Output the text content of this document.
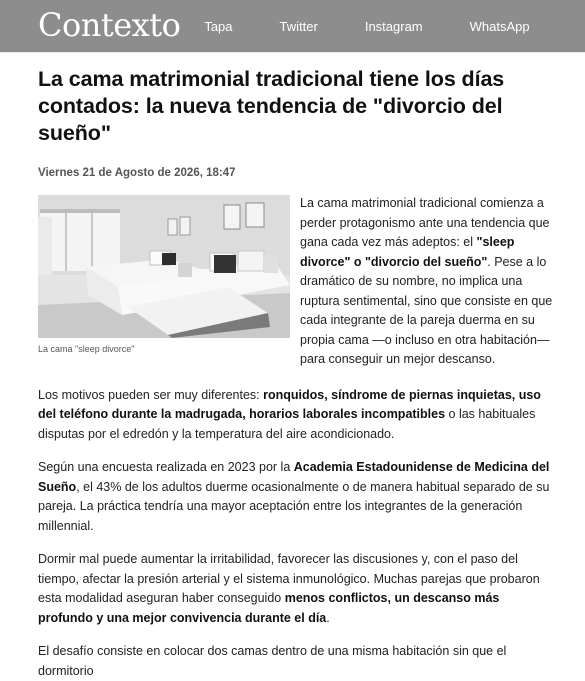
Contexto Tapa	Twitter	Instagram	WhatsApp
La cama matrimonial tradicional tiene los días contados: la nueva tendencia de "divorcio del sueño"
Viernes 21 de Agosto de 2026, 18:47
La cama "sleep divorce"

La cama matrimonial tradicional comienza a perder protagonismo ante una tendencia que gana cada vez más adeptos: el "sleep divorce" o "divorcio del sueño". Pese a lo dramático de su nombre, no implica una ruptura sentimental, sino que consiste en que cada integrante de la pareja duerma en su propia cama —o incluso en otra habitación— para conseguir un mejor descanso.

Los motivos pueden ser muy diferentes: ronquidos, síndrome de piernas inquietas, uso del teléfono durante la madrugada, horarios laborales incompatibles o las habituales disputas por el edredón y la temperatura del aire acondicionado.

Según una encuesta realizada en 2023 por la Academia Estadounidense de Medicina del Sueño, el 43% de los adultos duerme ocasionalmente o de manera habitual separado de su pareja. La práctica tendría una mayor aceptación entre los integrantes de la generación millennial.

Dormir mal puede aumentar la irritabilidad, favorecer las discusiones y, con el paso del tiempo, afectar la presión arterial y el sistema inmunológico. Muchas parejas que probaron esta modalidad aseguran haber conseguido menos conflictos, un descanso más profundo y una mejor convivencia durante el día.

El desafío consiste en colocar dos camas dentro de una misma habitación sin que el dormitorio
